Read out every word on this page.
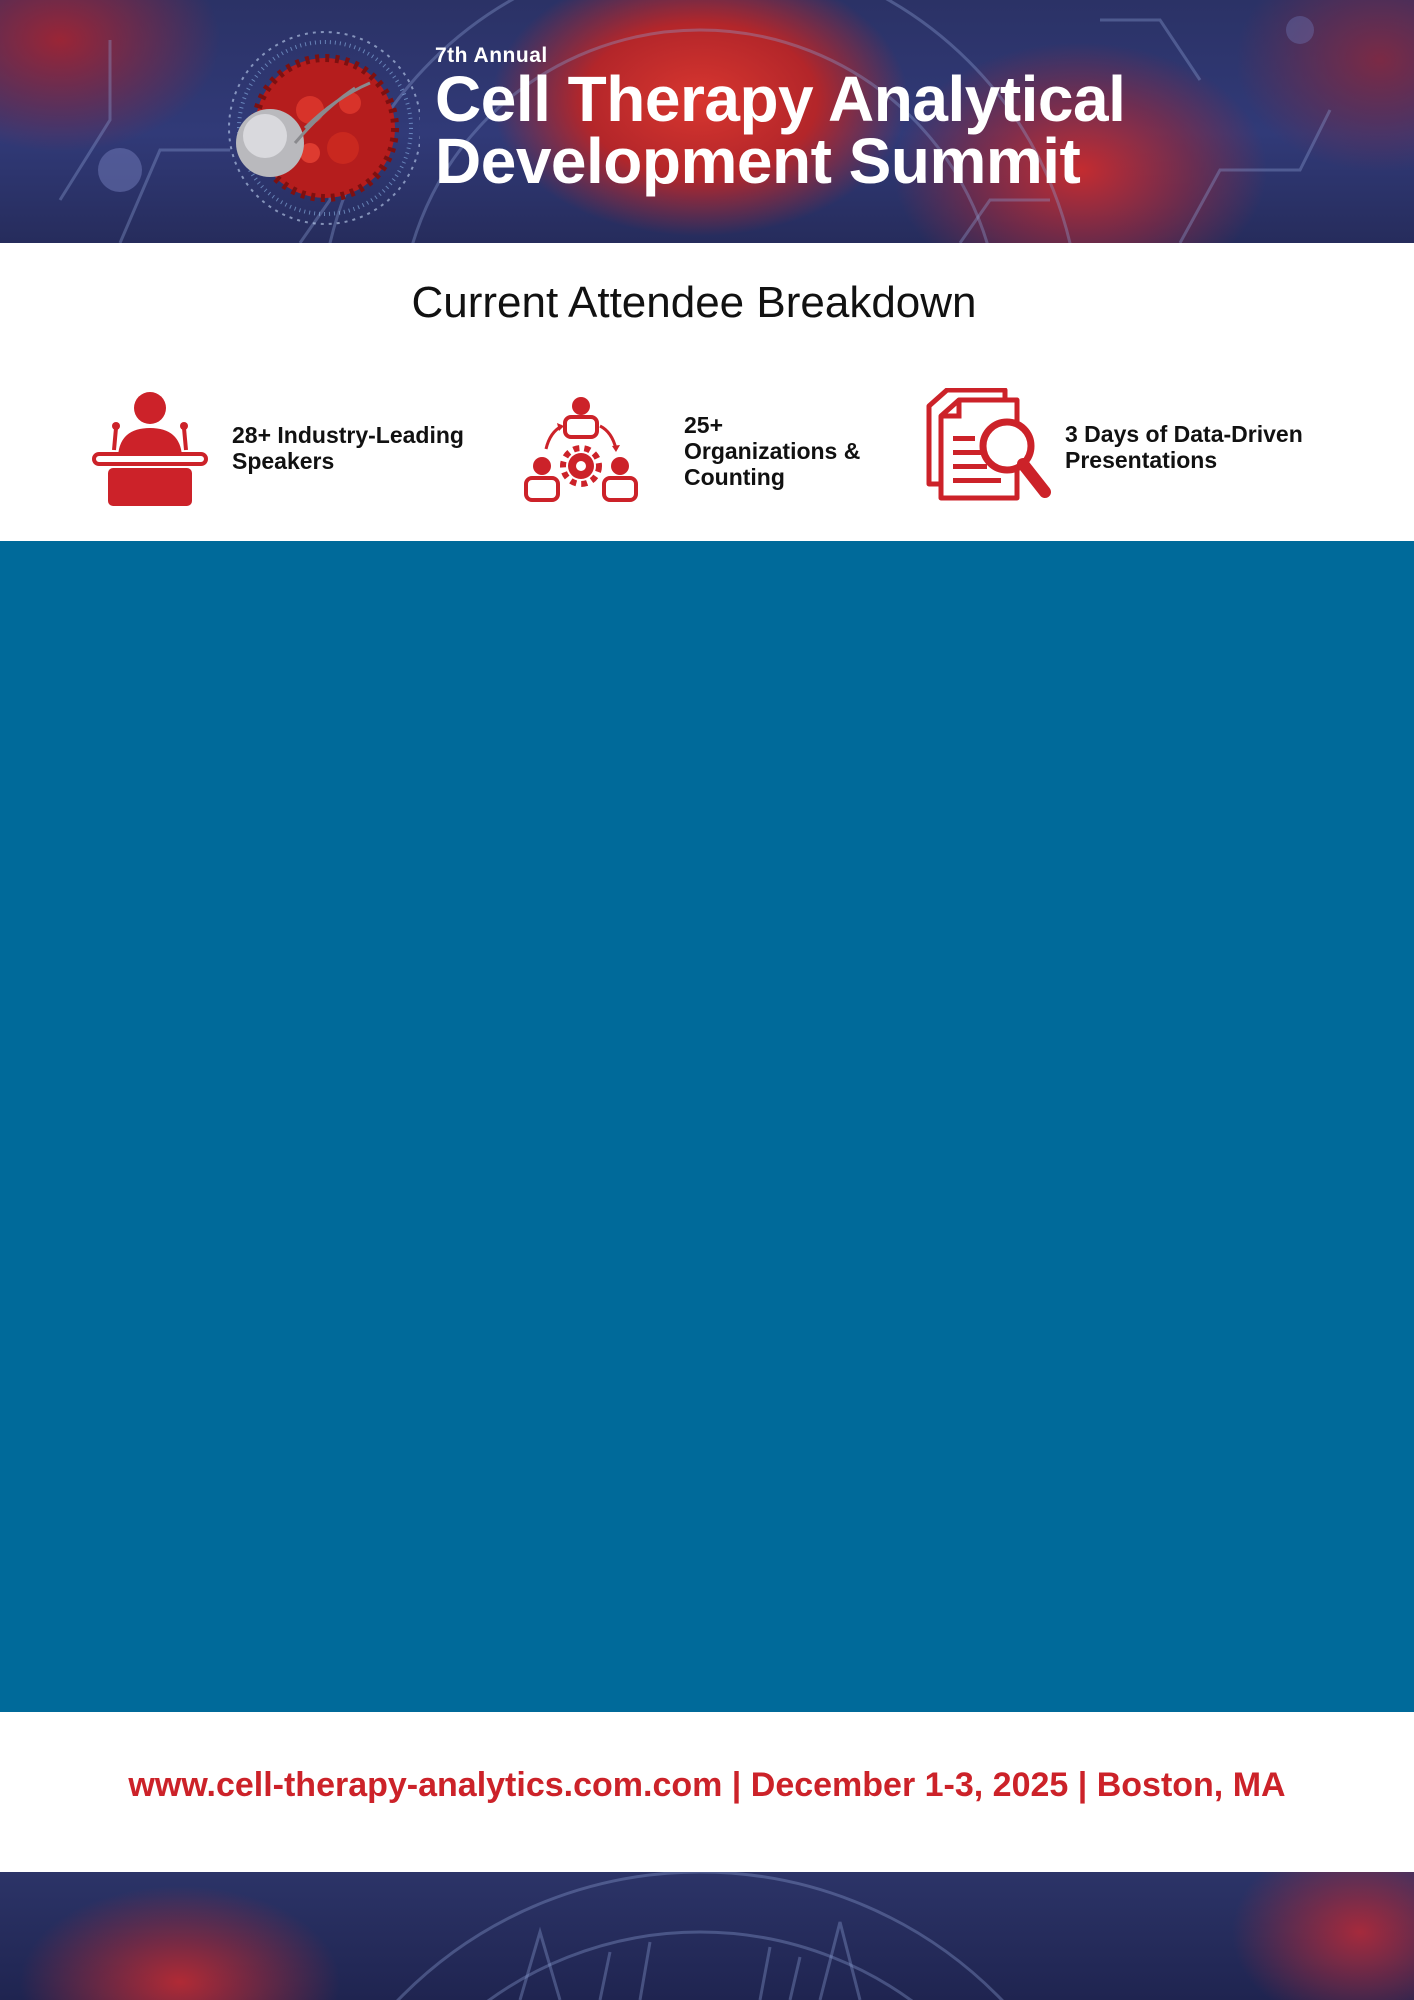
7th Annual
Cell Therapy Analytical
Development Summit
Current Attendee Breakdown
28+ Industry-Leading
Speakers
25+
Organizations &
Counting
3 Days of Data-Driven
Presentations
www.cell-therapy-analytics.com.com | December 1-3, 2025 | Boston, MA
